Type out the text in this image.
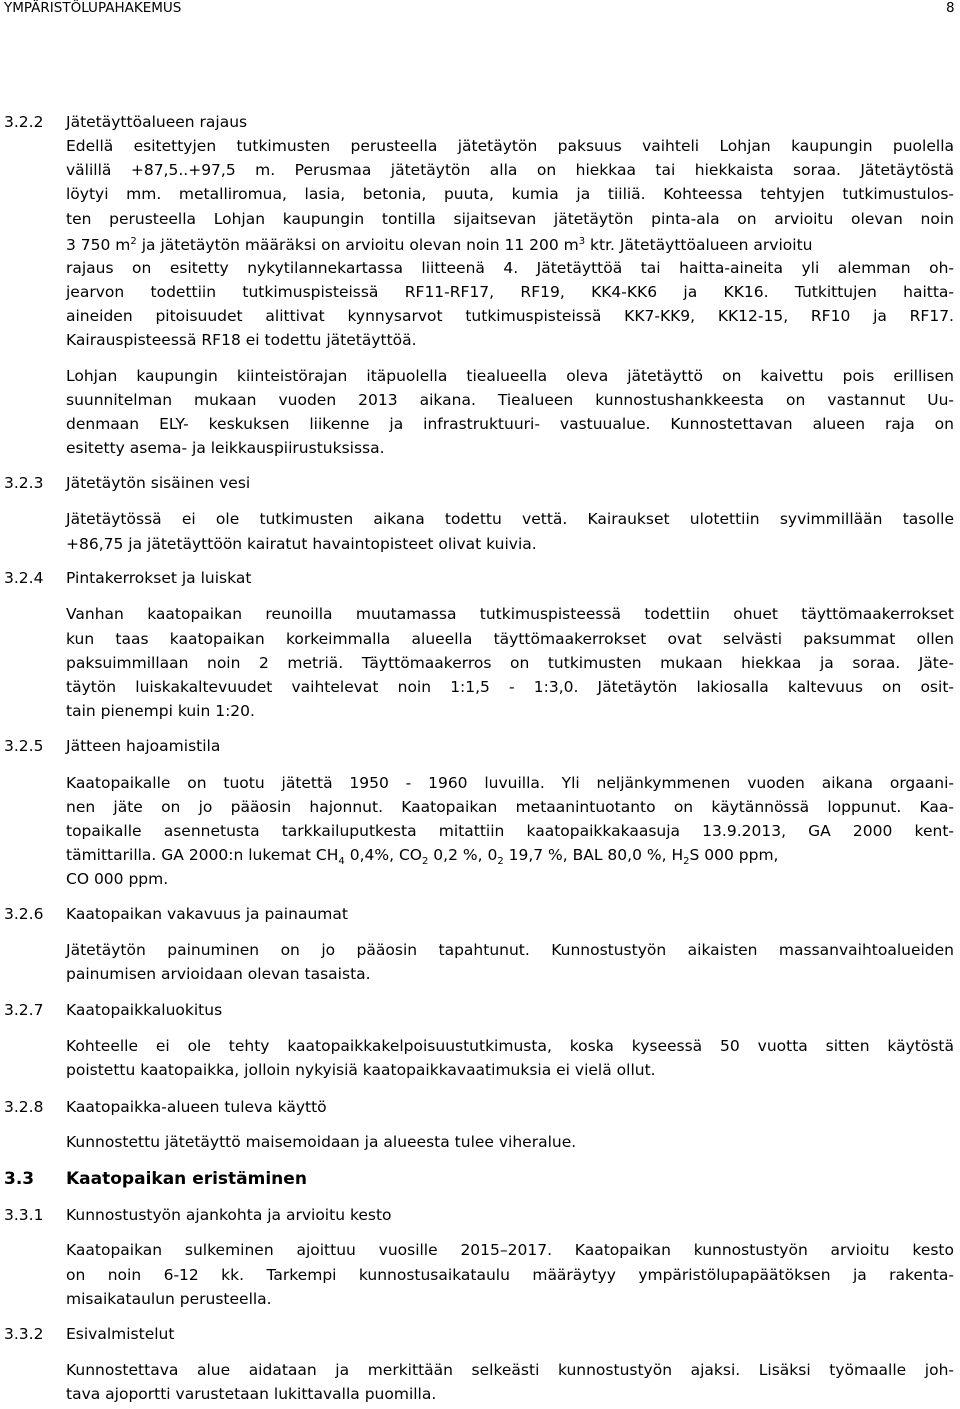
YMPÄRISTÖLUPAHAKEMUS	8
3.2.2 Jätetäyttöalueen rajaus
Edellä esitettyjen tutkimusten perusteella jätetäytön paksuus vaihteli Lohjan kaupungin puolella
välillä +87,5..+97,5 m. Perusmaa jätetäytön alla on hiekkaa tai hiekkaista soraa. Jätetäytöstä
löytyi mm. metalliromua, lasia, betonia, puuta, kumia ja tiiliä. Kohteessa tehtyjen tutkimustulos-
ten perusteella Lohjan kaupungin tontilla sijaitsevan jätetäytön pinta-ala on arvioitu olevan noin
3 750 $m^2$ ja jätetäytön määräksi on arvioitu olevan noin 11 200 $m^3$ ktr. Jätetäyttöalueen arvioitu
rajaus on esitetty nykytilannekartassa liitteenä 4. Jätetäyttöä tai haitta-aineita yli alemman oh-
jearvon todettiin tutkimuspisteissä RF11-RF17, RF19, KK4-KK6 ja KK16. Tutkittujen haitta-
aineiden pitoisuudet alittivat kynnysarvot tutkimuspisteissä KK7-KK9, KK12-15, RF10 ja RF17.
Kairauspisteessä RF18 ei todettu jätetäyttöä.
Lohjan kaupungin kiinteistörajan itäpuolella tiealueella oleva jätetäyttö on kaivettu pois erillisen
suunnitelman mukaan vuoden 2013 aikana. Tiealueen kunnostushankkeesta on vastannut Uu-
denmaan ELY- keskuksen liikenne ja infrastruktuuri- vastuualue. Kunnostettavan alueen raja on
esitetty asema- ja leikkauspiirustuksissa.
3.2.3 Jätetäytön sisäinen vesi
Jätetäytössä ei ole tutkimusten aikana todettu vettä. Kairaukset ulotettiin syvimmillään tasolle
+86,75 ja jätetäyttöön kairatut havaintopisteet olivat kuivia.
3.2.4 Pintakerrokset ja luiskat
Vanhan kaatopaikan reunoilla muutamassa tutkimuspisteessä todettiin ohuet täyttömaakerrokset
kun taas kaatopaikan korkeimmalla alueella täyttömaakerrokset ovat selvästi paksummat ollen
paksuimmillaan noin 2 metriä. Täyttömaakerros on tutkimusten mukaan hiekkaa ja soraa. Jäte-
täytön luiskakaltevuudet vaihtelevat noin 1:1,5 - 1:3,0. Jätetäytön lakiosalla kaltevuus on osit-
tain pienempi kuin 1:20.
3.2.5 Jätteen hajoamistila
Kaatopaikalle on tuotu jätettä 1950 - 1960 luvuilla. Yli neljänkymmenen vuoden aikana orgaani-
nen jäte on jo pääosin hajonnut. Kaatopaikan metaanintuotanto on käytännössä loppunut. Kaa-
topaikalle asennetusta tarkkailuputkesta mitattiin kaatopaikkakaasuja 13.9.2013, GA 2000 kent-
tämittarilla. GA 2000:n lukemat $CH_4$ 0,4%, $CO_2$ 0,2 %, $0_2$ 19,7 %, BAL 80,0 %, $H_2S$ 000 ppm,
CO 000 ppm.
3.2.6 Kaatopaikan vakavuus ja painaumat
Jätetäytön painuminen on jo pääosin tapahtunut. Kunnostustyön aikaisten massanvaihtoalueiden
painumisen arvioidaan olevan tasaista.
3.2.7 Kaatopaikkaluokitus
Kohteelle ei ole tehty kaatopaikkakelpoisuustutkimusta, koska kyseessä 50 vuotta sitten käytöstä
poistettu kaatopaikka, jolloin nykyisiä kaatopaikkavaatimuksia ei vielä ollut.
3.2.8 Kaatopaikka-alueen tuleva käyttö
Kunnostettu jätetäyttö maisemoidaan ja alueesta tulee viheralue.
3.3 Kaatopaikan eristäminen
3.3.1 Kunnostustyön ajankohta ja arvioitu kesto
Kaatopaikan sulkeminen ajoittuu vuosille 2015–2017. Kaatopaikan kunnostustyön arvioitu kesto
on noin 6-12 kk. Tarkempi kunnostusaikataulu määräytyy ympäristölupapäätöksen ja rakenta-
misaikataulun perusteella.
3.3.2 Esivalmistelut
Kunnostettava alue aidataan ja merkittään selkeästi kunnostustyön ajaksi. Lisäksi työmaalle joh-
tava ajoportti varustetaan lukittavalla puomilla.
